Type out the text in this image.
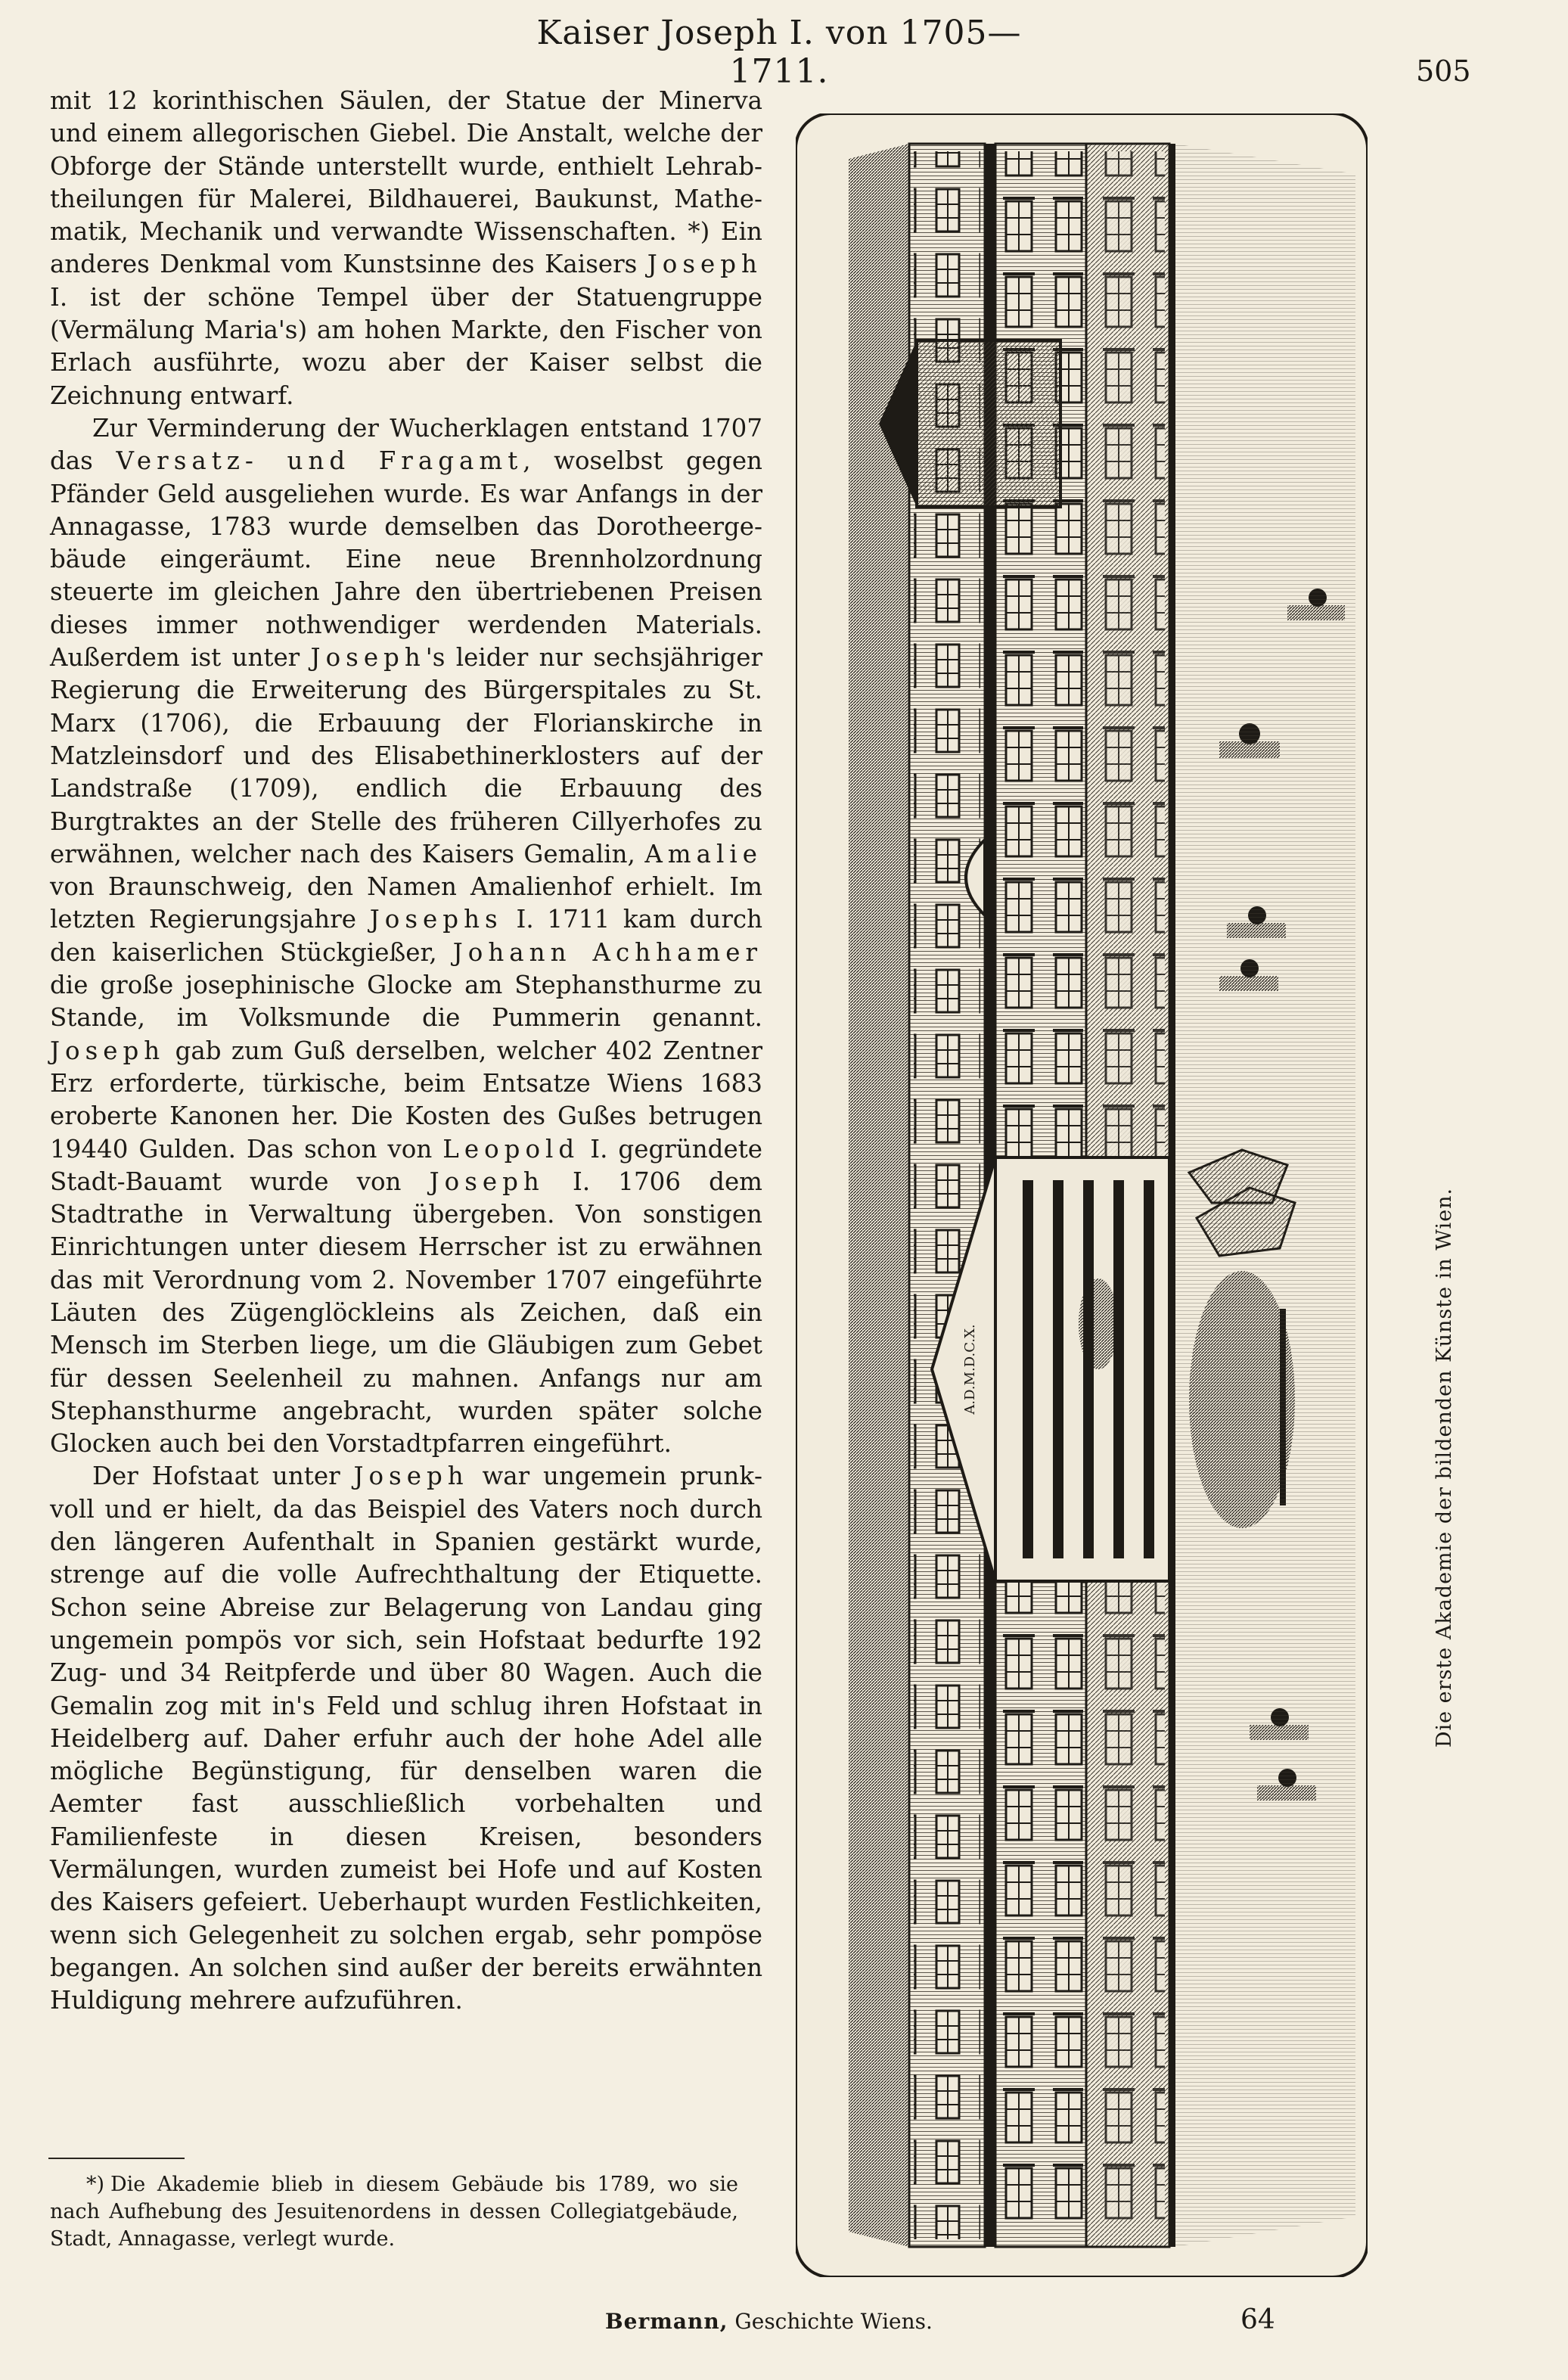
Kaiser Joseph I. von 1705—1711.	505

mit 12 korinthischen Säulen, der Statue der Minerva und einem allegorischen Giebel. Die Anstalt, welche der Obforge der Stände unterstellt wurde, enthielt Lehrabtheilungen für Malerei, Bildhauerei, Baukunst, Mathematik, Mechanik und verwandte Wissenschaften. *) Ein anderes Denkmal vom Kunstsinne des Kaisers Joseph I. ist der schöne Tempel über der Statuengruppe (Vermälung Maria's) am hohen Markte, den Fischer von Erlach ausführte, wozu aber der Kaiser selbst die Zeichnung entwarf.

Zur Verminderung der Wucherklagen entstand 1707 das Versatz- und Fragamt, woselbst gegen Pfänder Geld ausgeliehen wurde. Es war Anfangs in der Annagasse, 1783 wurde demselben das Dorotheergebäude eingeräumt. Eine neue Brennholzordnung steuerte im gleichen Jahre den übertriebenen Preisen dieses immer nothwendiger werdenden Materials. Außerdem ist unter Joseph's leider nur sechsjähriger Regierung die Erweiterung des Bürgerspitales zu St. Marx (1706), die Erbauung der Florianskirche in Matzleinsdorf und des Elisabethinerklosters auf der Landstraße (1709), endlich die Erbauung des Burgtraktes an der Stelle des früheren Cillyerhofes zu erwähnen, welcher nach des Kaisers Gemalin, Amalie von Braunschweig, den Namen Amalienhof erhielt. Im letzten Regierungsjahre Josephs I. 1711 kam durch den kaiserlichen Stückgießer, Johann Achhamer die große josephinische Glocke am Stephansthurme zu Stande, im Volksmunde die Pummerin genannt. Joseph gab zum Guß derselben, welcher 402 Zentner Erz erforderte, türkische, beim Entsatze Wiens 1683 eroberte Kanonen her. Die Kosten des Gußes betrugen 19440 Gulden. Das schon von Leopold I. gegründete Stadt-Bauamt wurde von Joseph I. 1706 dem Stadtrathe in Verwaltung übergeben. Von sonstigen Einrichtungen unter diesem Herrscher ist zu erwähnen das mit Verordnung vom 2. November 1707 eingeführte Läuten des Zügenglöckleins als Zeichen, daß ein Mensch im Sterben liege, um die Gläubigen zum Gebet für dessen Seelenheil zu mahnen. Anfangs nur am Stephansthurme angebracht, wurden später solche Glocken auch bei den Vorstadtpfarren eingeführt.

Der Hofstaat unter Joseph war ungemein prunkvoll und er hielt, da das Beispiel des Vaters noch durch den längeren Aufenthalt in Spanien gestärkt wurde, strenge auf die volle Aufrechthaltung der Etiquette. Schon seine Abreise zur Belagerung von Landau ging ungemein pompös vor sich, sein Hofstaat bedurfte 192 Zug- und 34 Reitpferde und über 80 Wagen. Auch die Gemalin zog mit in's Feld und schlug ihren Hofstaat in Heidelberg auf. Daher erfuhr auch der hohe Adel alle mögliche Begünstigung, für denselben waren die Aemter fast ausschließlich vorbehalten und Familienfeste in diesen Kreisen, besonders Vermälungen, wurden zumeist bei Hofe und auf Kosten des Kaisers gefeiert. Ueberhaupt wurden Festlichkeiten, wenn sich Gelegenheit zu solchen ergab, sehr pompöse begangen. An solchen sind außer der bereits erwähnten Huldigung mehrere aufzuführen.

*) Die Akademie blieb in diesem Gebäude bis 1789, wo sie nach Aufhebung des Jesuitenordens in dessen Collegiatgebäude, Stadt, Annagasse, verlegt wurde.
Bermann, Geschichte Wiens.	64
A.D.M.D.C.X.	Die erste Akademie der bildenden Künste in Wien.
